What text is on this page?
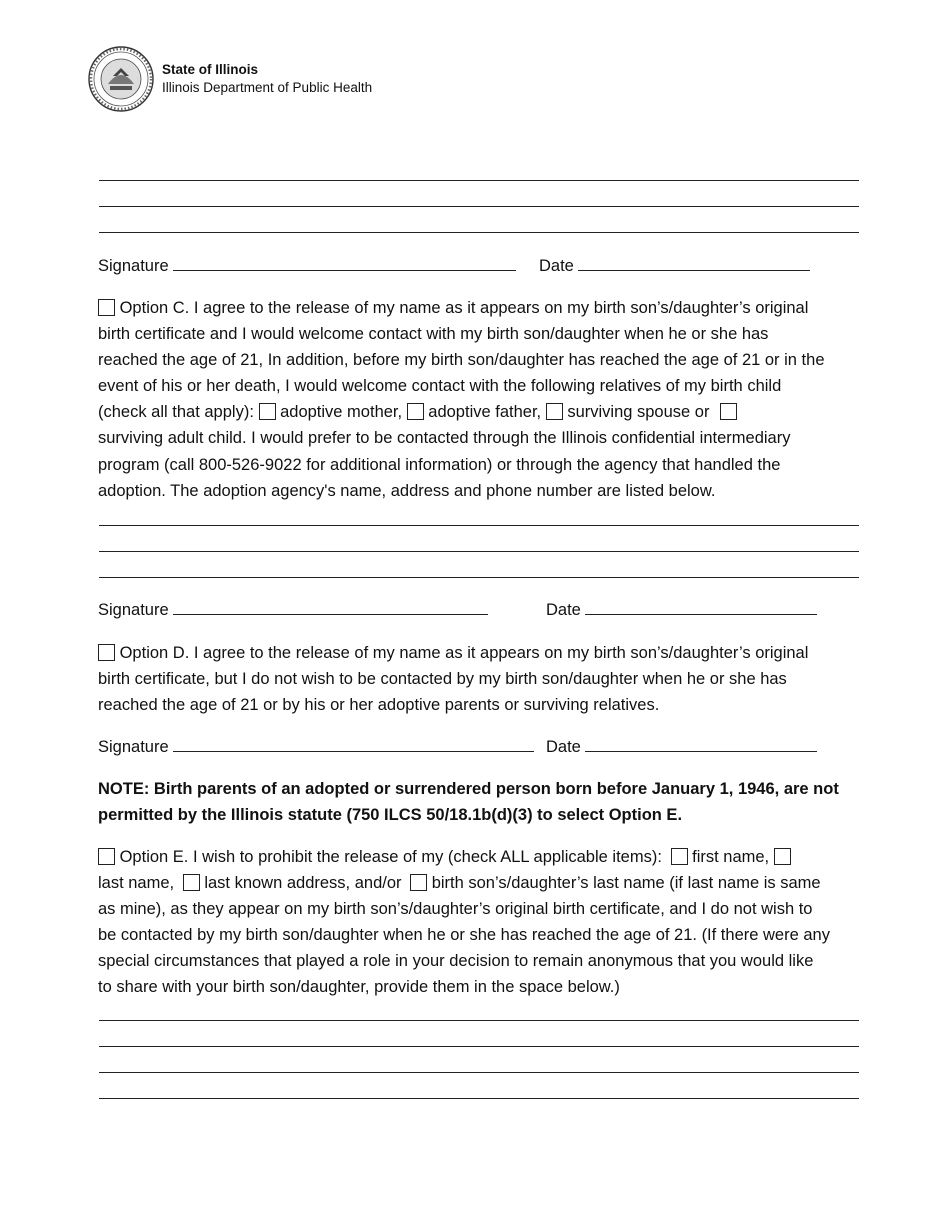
State of Illinois
Illinois Department of Public Health
Signature	Date
Option C. I agree to the release of my name as it appears on my birth son’s/daughter’s original
birth certificate and I would welcome contact with my birth son/daughter when he or she has
reached the age of 21, In addition, before my birth son/daughter has reached the age of 21 or in the
event of his or her death, I would welcome contact with the following relatives of my birth child
(check all that apply): adoptive mother, adoptive father, surviving spouse or
surviving adult child. I would prefer to be contacted through the Illinois confidential intermediary
program (call 800-526-9022 for additional information) or through the agency that handled the
adoption. The adoption agency's name, address and phone number are listed below.
Signature	Date
Option D. I agree to the release of my name as it appears on my birth son’s/daughter’s original
birth certificate, but I do not wish to be contacted by my birth son/daughter when he or she has
reached the age of 21 or by his or her adoptive parents or surviving relatives.
Signature	Date
NOTE: Birth parents of an adopted or surrendered person born before January 1, 1946, are not
permitted by the Illinois statute (750 ILCS 50/18.1b(d)(3) to select Option E.
Option E. I wish to prohibit the release of my (check ALL applicable items): first name,
last name, last known address, and/or birth son’s/daughter’s last name (if last name is same
as mine), as they appear on my birth son’s/daughter’s original birth certificate, and I do not wish to
be contacted by my birth son/daughter when he or she has reached the age of 21. (If there were any
special circumstances that played a role in your decision to remain anonymous that you would like
to share with your birth son/daughter, provide them in the space below.)
